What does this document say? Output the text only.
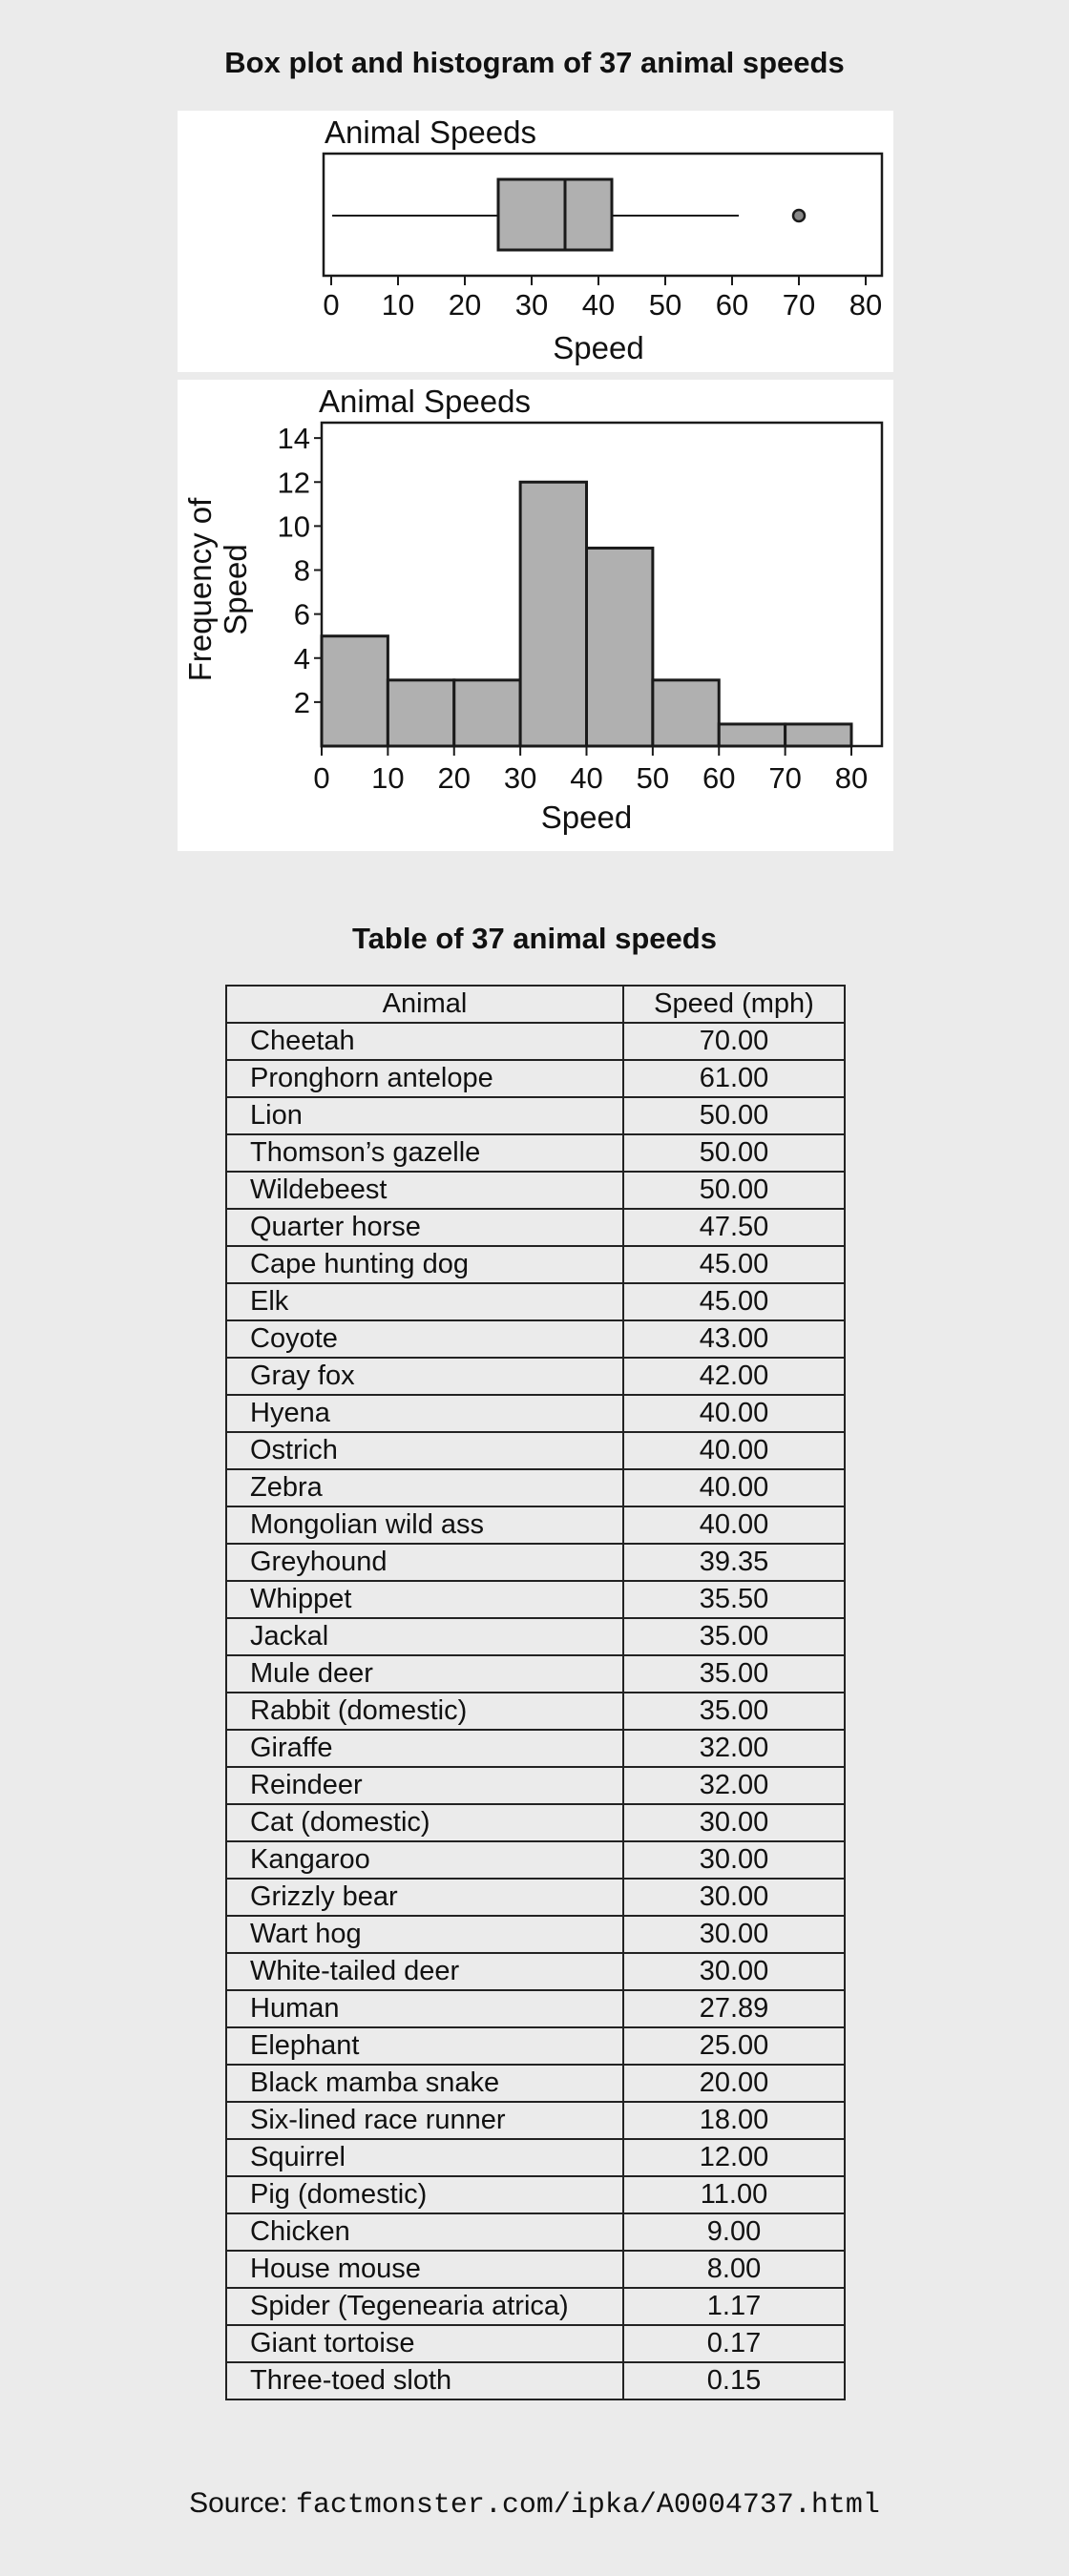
Box plot and histogram of 37 animal speeds
Animal Speeds
0 10 20 30 40 50 60 70 80
Speed
Animal Speeds
2
4
6
8
10
12
14
0 10 20 30 40 50 60 70 80
Speed
Frequency of Speed
Table of 37 animal speeds
Animal	Speed (mph)
Cheetah	70.00
Pronghorn antelope	61.00
Lion	50.00
Thomson’s gazelle	50.00
Wildebeest	50.00
Quarter horse	47.50
Cape hunting dog	45.00
Elk	45.00
Coyote	43.00
Gray fox	42.00
Hyena	40.00
Ostrich	40.00
Zebra	40.00
Mongolian wild ass	40.00
Greyhound	39.35
Whippet	35.50
Jackal	35.00
Mule deer	35.00
Rabbit (domestic)	35.00
Giraffe	32.00
Reindeer	32.00
Cat (domestic)	30.00
Kangaroo	30.00
Grizzly bear	30.00
Wart hog	30.00
White-tailed deer	30.00
Human	27.89
Elephant	25.00
Black mamba snake	20.00
Six-lined race runner	18.00
Squirrel	12.00
Pig (domestic)	11.00
Chicken	9.00
House mouse	8.00
Spider (Tegenearia atrica)	1.17
Giant tortoise	0.17
Three-toed sloth	0.15
Source: factmonster.com/ipka/A0004737.html
